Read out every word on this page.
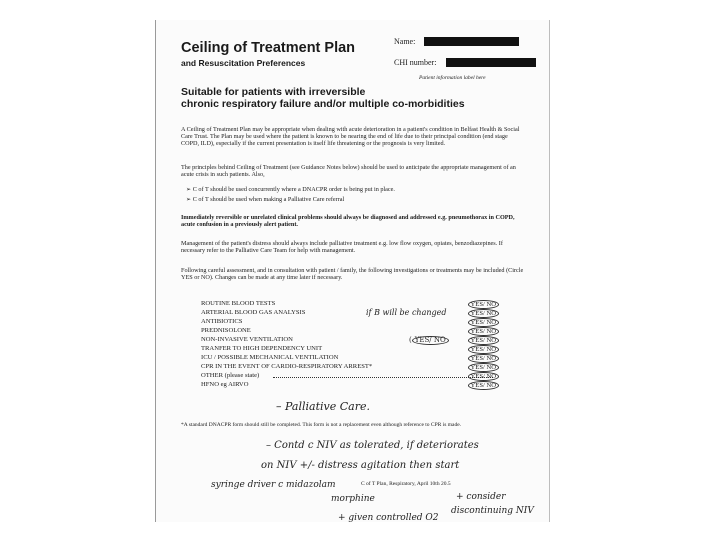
Ceiling of Treatment Plan
and Resuscitation Preferences
Name:
CHI number:
Patient information label here
Suitable for patients with irreversible
chronic respiratory failure and/or multiple co-morbidities
A Ceiling of Treatment Plan may be appropriate when dealing with acute deterioration in a patient's condition in Belfast Health & Social Care Trust. The Plan may be used where the patient is known to be nearing the end of life due to their principal condition (end stage COPD, ILD), especially if the current presentation is itself life threatening or the prognosis is very limited.
The principles behind Ceiling of Treatment (see Guidance Notes below) should be used to anticipate the appropriate management of an acute crisis in such patients. Also,
➢ C of T should be used concurrently where a DNACPR order is being put in place.
➢ C of T should be used when making a Palliative Care referral
Immediately reversible or unrelated clinical problems should always be diagnosed and addressed e.g. pneumothorax in COPD, acute confusion in a previously alert patient.
Management of the patient's distress should always include palliative treatment e.g. low flow oxygen, opiates, benzodiazepines. If necessary refer to the Palliative Care Team for help with management.
Following careful assessment, and in consultation with patient / family, the following investigations or treatments may be included (Circle YES or NO). Changes can be made at any time later if necessary.
ROUTINE BLOOD TESTS	YES/ NO
ARTERIAL BLOOD GAS ANALYSIS	if B will be changed	YES/ NO
ANTIBIOTICS	YES/ NO
PREDNISOLONE	YES/ NO
NON-INVASIVE VENTILATION	( YES/ NO	YES/ NO
TRANFER TO HIGH DEPENDENCY UNIT	YES/ NO
ICU / POSSIBLE MECHANICAL VENTILATION	YES/ NO
CPR IN THE EVENT OF CARDIO-RESPIRATORY ARREST*	YES/ NO
OTHER (please state)	YES/ NO
HFNO eg AIRVO	YES/ NO
– Palliative Care.
*A standard DNACPR form should still be completed. This form is not a replacement even although reference to CPR is made.
– Contd c NIV as tolerated, if deteriorates
on NIV +/- distress agitation then start
syringe driver c midazolam	C of T Plan, Respiratory, April 10th 20.5
+ consider
morphine
discontinuing NIV
+ given controlled O2
